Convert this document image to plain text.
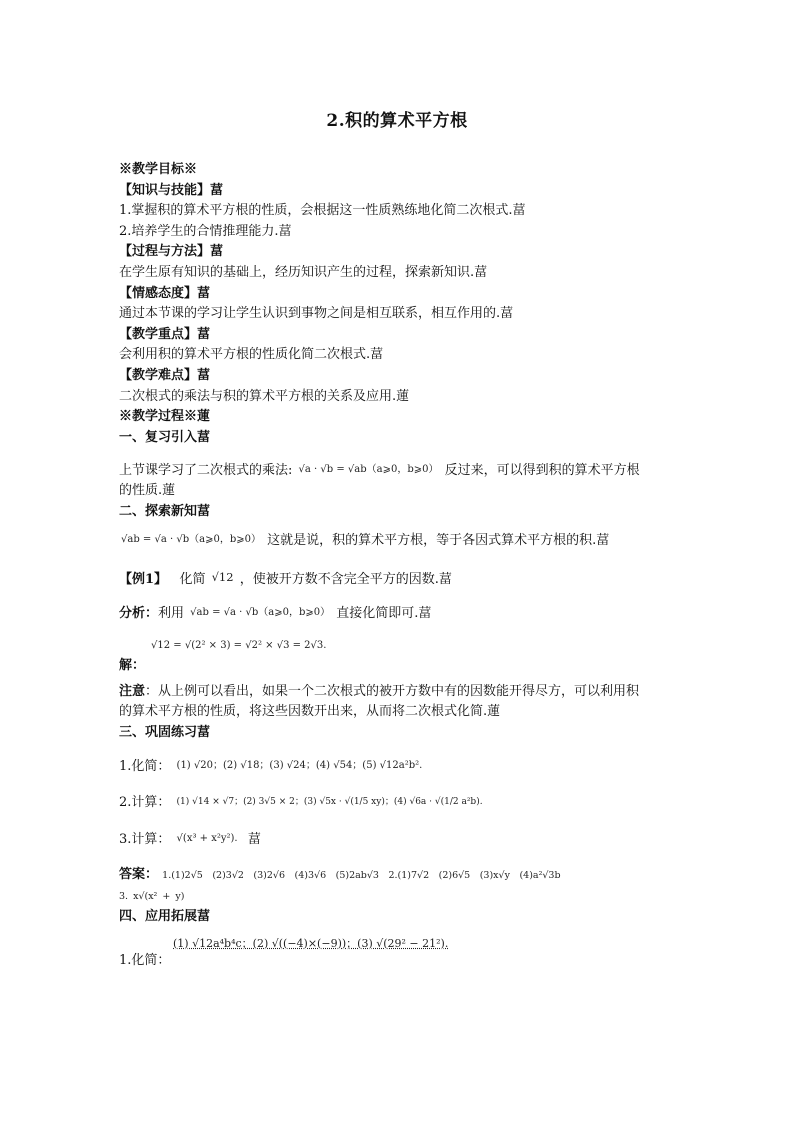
2.积的算术平方根
※教学目标※
【知识与技能】葍
1.掌握积的算术平方根的性质，会根据这一性质熟练地化简二次根式.葍
2.培养学生的合情推理能力.葍
【过程与方法】葍
在学生原有知识的基础上，经历知识产生的过程，探索新知识.葍
【情感态度】葍
通过本节课的学习让学生认识到事物之间是相互联系，相互作用的.葍
【教学重点】葍
会利用积的算术平方根的性质化简二次根式.葍
【教学难点】葍
二次根式的乘法与积的算术平方根的关系及应用.蓮
※教学过程※蓮
一、复习引入葍
上节课学习了二次根式的乘法: √a · √b = √ab（a⩾0，b⩾0） 反过来，可以得到积的算术平方根
的性质.蓮
二、探索新知葍
√ab = √a · √b（a⩾0，b⩾0） 这就是说，积的算术平方根，等于各因式算术平方根的积.葍
【例1】 化简 √12 ，使被开方数不含完全平方的因数.葍
分析：利用 √ab = √a · √b（a⩾0，b⩾0） 直接化简即可.葍
√12 = √(2² × 3) = √2² × √3 = 2√3.
解：
注意：从上例可以看出，如果一个二次根式的被开方数中有的因数能开得尽方，可以利用积
的算术平方根的性质，将这些因数开出来，从而将二次根式化简.蓮
三、巩固练习葍
1.化简： (1) √20；(2) √18；(3) √24；(4) √54；(5) √12a²b².
2.计算： (1) √14 × √7；(2) 3√5 × 2；(3) √5x · √(1/5 xy)；(4) √6a · √(1/2 a²b).
3.计算： √(x³ + x²y²). 葍
答案： 1.(1)2√5　(2)3√2　(3)2√6　(4)3√6　(5)2ab√3　2.(1)7√2　(2)6√5　(3)x√y　(4)a²√3b
3. x√(x² + y)
四、应用拓展葍
(1) √12a⁴b⁴c；(2) √((−4)×(−9))；(3) √(29² − 21²).
1.化简：
